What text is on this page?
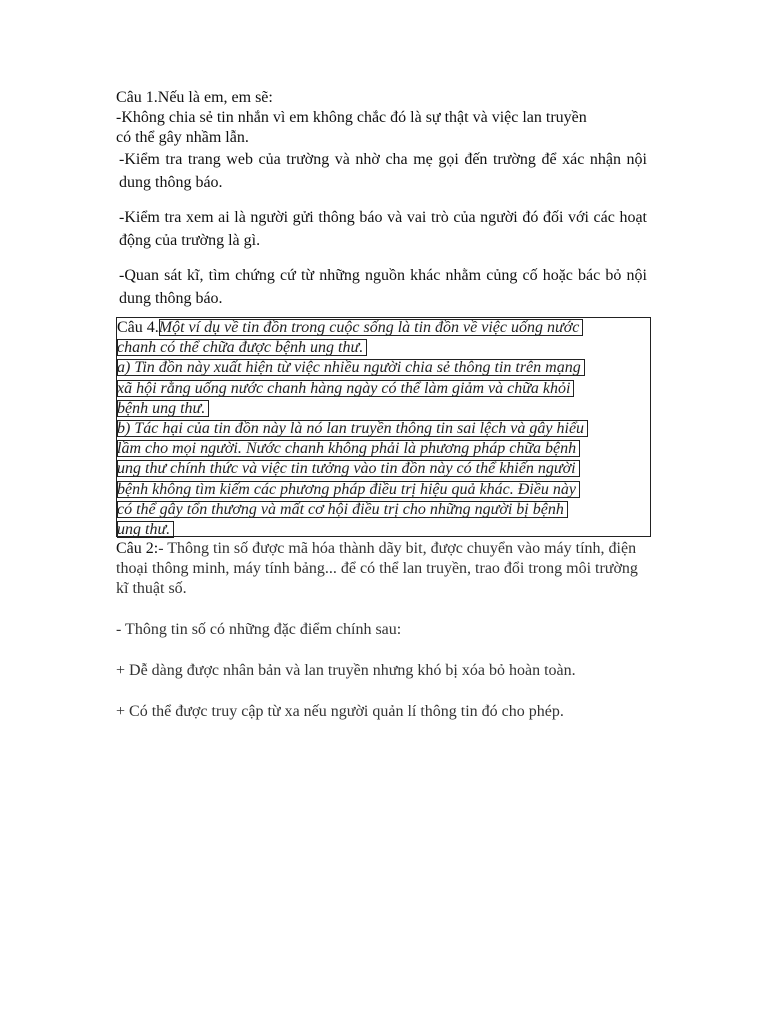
Câu 1.Nếu là em, em sẽ:
-Không chia sẻ tin nhắn vì em không chắc đó là sự thật và việc lan truyền
có thể gây nhầm lẫn.
-Kiểm tra trang web của trường và nhờ cha mẹ gọi đến trường để xác nhận nội dung thông báo.
-Kiểm tra xem ai là người gửi thông báo và vai trò của người đó đối với các hoạt động của trường là gì.
-Quan sát kĩ, tìm chứng cứ từ những nguồn khác nhằm củng cố hoặc bác bỏ nội dung thông báo.
Câu 4.Một ví dụ về tin đồn trong cuộc sống là tin đồn về việc uống nước
chanh có thể chữa được bệnh ung thư.
a) Tin đồn này xuất hiện từ việc nhiều người chia sẻ thông tin trên mạng
xã hội rằng uống nước chanh hàng ngày có thể làm giảm và chữa khỏi
bệnh ung thư.
b) Tác hại của tin đồn này là nó lan truyền thông tin sai lệch và gây hiểu
lầm cho mọi người. Nước chanh không phải là phương pháp chữa bệnh
ung thư chính thức và việc tin tưởng vào tin đồn này có thể khiến người
bệnh không tìm kiếm các phương pháp điều trị hiệu quả khác. Điều này
có thể gây tổn thương và mất cơ hội điều trị cho những người bị bệnh
ung thư.

Câu 2:- Thông tin số được mã hóa thành dãy bit, được chuyển vào máy tính, điện thoại thông minh, máy tính bảng... để có thể lan truyền, trao đổi trong môi trường kĩ thuật số.

- Thông tin số có những đặc điểm chính sau:

+ Dễ dàng được nhân bản và lan truyền nhưng khó bị xóa bỏ hoàn toàn.

+ Có thể được truy cập từ xa nếu người quản lí thông tin đó cho phép.
